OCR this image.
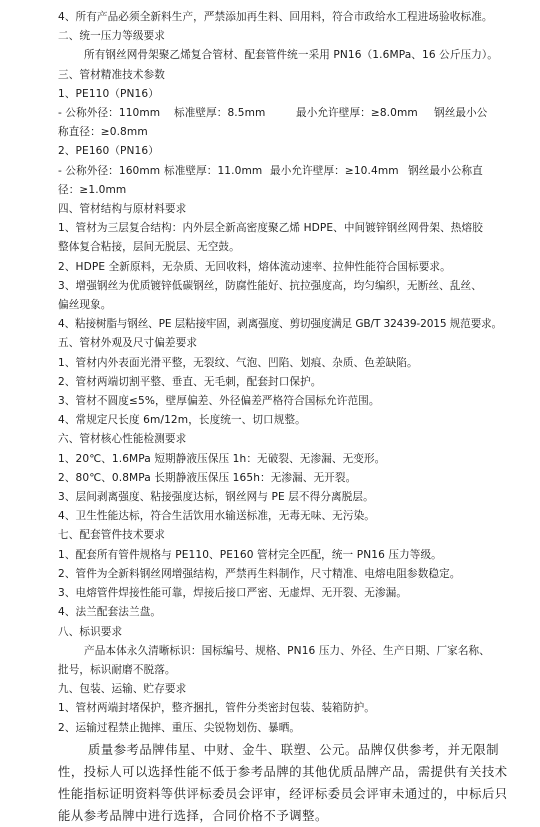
4、所有产品必须全新料生产，严禁添加再生料、回用料，符合市政给水工程进场验收标准。
二、统一压力等级要求
所有钢丝网骨架聚乙烯复合管材、配套管件统一采用 PN16（1.6MPa、16 公斤压力）。
三、管材精准技术参数
1、PE110（PN16）
- 公称外径：110mm 标准壁厚：8.5mm	最小允许壁厚：≥8.0mm 钢丝最小公
称直径：≥0.8mm
2、PE160（PN16）
- 公称外径：160mm 标准壁厚：11.0mm 最小允许壁厚：≥10.4mm 钢丝最小公称直
径：≥1.0mm
四、管材结构与原材料要求
1、管材为三层复合结构：内外层全新高密度聚乙烯 HDPE、中间镀锌钢丝网骨架、热熔胶
整体复合粘接，层间无脱层、无空鼓。
2、HDPE 全新原料，无杂质、无回收料，熔体流动速率、拉伸性能符合国标要求。
3、增强钢丝为优质镀锌低碳钢丝，防腐性能好、抗拉强度高，均匀编织，无断丝、乱丝、
偏丝现象。
4、粘接树脂与钢丝、PE 层粘接牢固，剥离强度、剪切强度满足 GB/T 32439-2015 规范要求。
五、管材外观及尺寸偏差要求
1、管材内外表面光滑平整，无裂纹、气泡、凹陷、划痕、杂质、色差缺陷。
2、管材两端切割平整、垂直、无毛刺，配套封口保护。
3、管材不圆度≤5%，壁厚偏差、外径偏差严格符合国标允许范围。
4、常规定尺长度 6m/12m，长度统一、切口规整。
六、管材核心性能检测要求
1、20℃、1.6MPa 短期静液压保压 1h：无破裂、无渗漏、无变形。
2、80℃、0.8MPa 长期静液压保压 165h：无渗漏、无开裂。
3、层间剥离强度、粘接强度达标，钢丝网与 PE 层不得分离脱层。
4、卫生性能达标，符合生活饮用水输送标准，无毒无味、无污染。
七、配套管件技术要求
1、配套所有管件规格与 PE110、PE160 管材完全匹配，统一 PN16 压力等级。
2、管件为全新料钢丝网增强结构，严禁再生料制作，尺寸精准、电熔电阻参数稳定。
3、电熔管件焊接性能可靠，焊接后接口严密、无虚焊、无开裂、无渗漏。
4、法兰配套法兰盘。
八、标识要求
产品本体永久清晰标识：国标编号、规格、PN16 压力、外径、生产日期、厂家名称、
批号，标识耐磨不脱落。
九、包装、运输、贮存要求
1、管材两端封堵保护，整齐捆扎，管件分类密封包装、装箱防护。
2、运输过程禁止抛摔、重压、尖锐物划伤、暴晒。
质量参考品牌伟星、中财、金牛、联塑、公元。品牌仅供参考，并无限制性，投标人可以选择性能不低于参考品牌的其他优质品牌产品，需提供有关技术性能指标证明资料等供评标委员会评审，经评标委员会评审未通过的，中标后只能从参考品牌中进行选择，合同价格不予调整。
